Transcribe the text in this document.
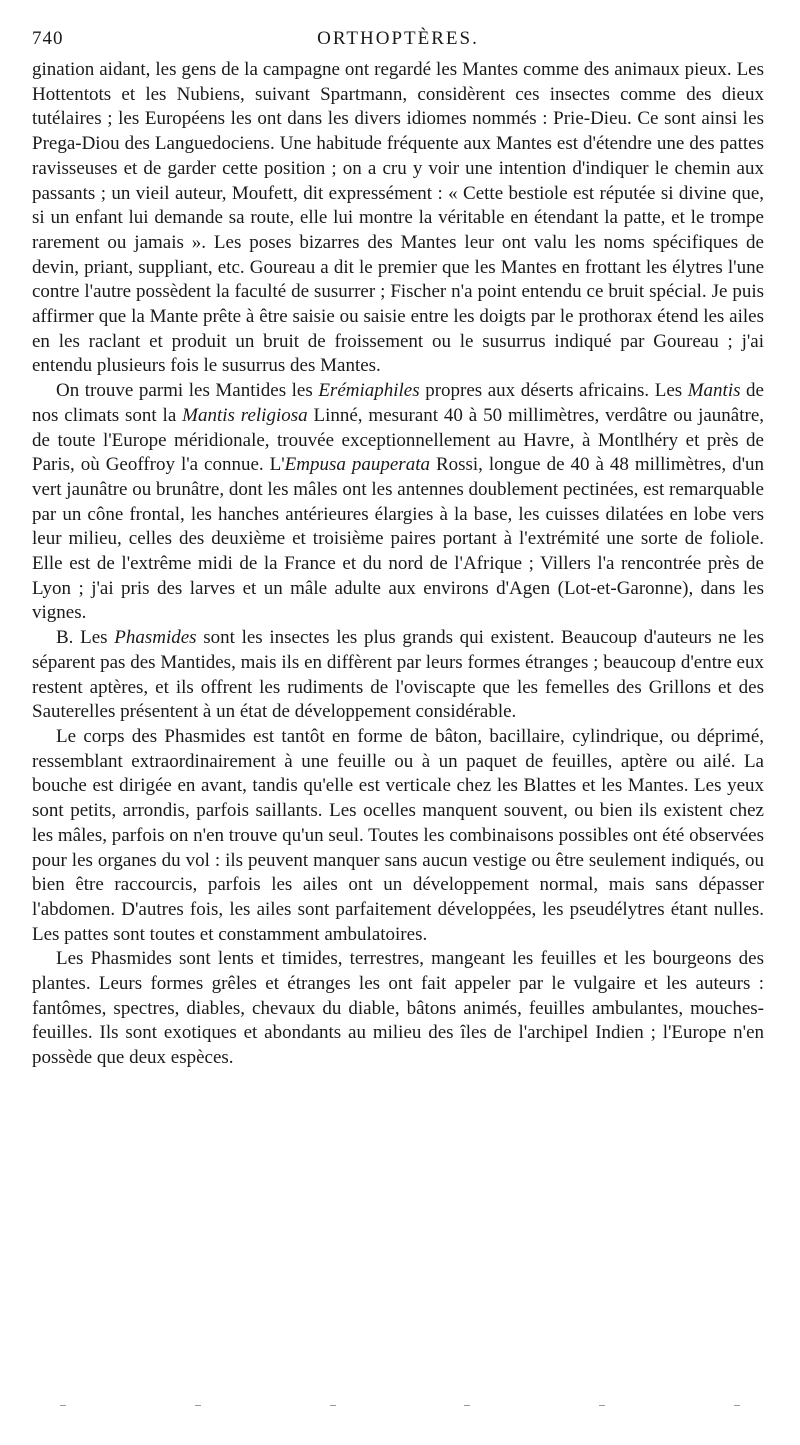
740	ORTHOPTÈRES.

gination aidant, les gens de la campagne ont regardé les Mantes comme des animaux pieux. Les Hottentots et les Nubiens, suivant Spartmann, considèrent ces insectes comme des dieux tutélaires ; les Européens les ont dans les divers idiomes nommés : Prie-Dieu. Ce sont ainsi les Prega-Diou des Languedociens. Une habitude fréquente aux Mantes est d'étendre une des pattes ravisseuses et de garder cette position ; on a cru y voir une intention d'indiquer le chemin aux passants ; un vieil auteur, Moufett, dit expressément : « Cette bestiole est réputée si divine que, si un enfant lui demande sa route, elle lui montre la véritable en étendant la patte, et le trompe rarement ou jamais ». Les poses bizarres des Mantes leur ont valu les noms spécifiques de devin, priant, suppliant, etc. Goureau a dit le premier que les Mantes en frottant les élytres l'une contre l'autre possèdent la faculté de susurrer ; Fischer n'a point entendu ce bruit spécial. Je puis affirmer que la Mante prête à être saisie ou saisie entre les doigts par le prothorax étend les ailes en les raclant et produit un bruit de froissement ou le susurrus indiqué par Goureau ; j'ai entendu plusieurs fois le susurrus des Mantes.

On trouve parmi les Mantides les Erémiaphiles propres aux déserts africains. Les Mantis de nos climats sont la Mantis religiosa Linné, mesurant 40 à 50 millimètres, verdâtre ou jaunâtre, de toute l'Europe méridionale, trouvée exceptionnellement au Havre, à Montlhéry et près de Paris, où Geoffroy l'a connue. L'Empusa pauperata Rossi, longue de 40 à 48 millimètres, d'un vert jaunâtre ou brunâtre, dont les mâles ont les antennes doublement pectinées, est remarquable par un cône frontal, les hanches antérieures élargies à la base, les cuisses dilatées en lobe vers leur milieu, celles des deuxième et troisième paires portant à l'extrémité une sorte de foliole. Elle est de l'extrême midi de la France et du nord de l'Afrique ; Villers l'a rencontrée près de Lyon ; j'ai pris des larves et un mâle adulte aux environs d'Agen (Lot-et-Garonne), dans les vignes.

B. Les Phasmides sont les insectes les plus grands qui existent. Beaucoup d'auteurs ne les séparent pas des Mantides, mais ils en diffèrent par leurs formes étranges ; beaucoup d'entre eux restent aptères, et ils offrent les rudiments de l'oviscapte que les femelles des Grillons et des Sauterelles présentent à un état de développement considérable.

Le corps des Phasmides est tantôt en forme de bâton, bacillaire, cylindrique, ou déprimé, ressemblant extraordinairement à une feuille ou à un paquet de feuilles, aptère ou ailé. La bouche est dirigée en avant, tandis qu'elle est verticale chez les Blattes et les Mantes. Les yeux sont petits, arrondis, parfois saillants. Les ocelles manquent souvent, ou bien ils existent chez les mâles, parfois on n'en trouve qu'un seul. Toutes les combinaisons possibles ont été observées pour les organes du vol : ils peuvent manquer sans aucun vestige ou être seulement indiqués, ou bien être raccourcis, parfois les ailes ont un développement normal, mais sans dépasser l'abdomen. D'autres fois, les ailes sont parfaitement développées, les pseudélytres étant nulles. Les pattes sont toutes et constamment ambulatoires.

Les Phasmides sont lents et timides, terrestres, mangeant les feuilles et les bourgeons des plantes. Leurs formes grêles et étranges les ont fait appeler par le vulgaire et les auteurs : fantômes, spectres, diables, chevaux du diable, bâtons animés, feuilles ambulantes, mouches-feuilles. Ils sont exotiques et abondants au milieu des îles de l'archipel Indien ; l'Europe n'en possède que deux espèces.
